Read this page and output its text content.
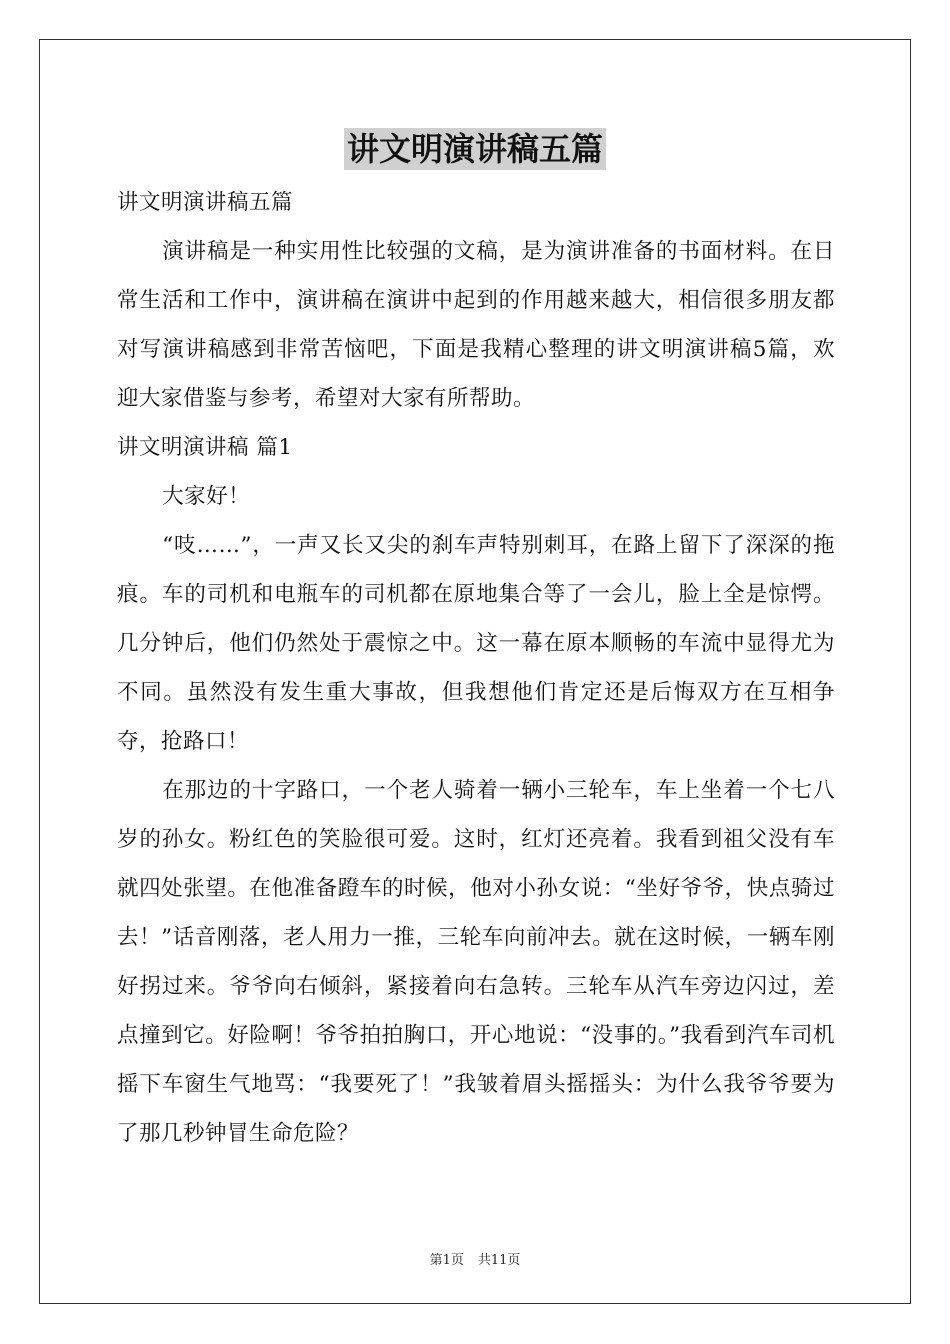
讲文明演讲稿五篇

讲文明演讲稿五篇

演讲稿是一种实用性比较强的文稿，是为演讲准备的书面材料。在日常生活和工作中，演讲稿在演讲中起到的作用越来越大，相信很多朋友都对写演讲稿感到非常苦恼吧，下面是我精心整理的讲文明演讲稿5篇，欢迎大家借鉴与参考，希望对大家有所帮助。

讲文明演讲稿 篇1

大家好！

“吱……”，一声又长又尖的刹车声特别刺耳，在路上留下了深深的拖痕。车的司机和电瓶车的司机都在原地集合等了一会儿，脸上全是惊愕。几分钟后，他们仍然处于震惊之中。这一幕在原本顺畅的车流中显得尤为不同。虽然没有发生重大事故，但我想他们肯定还是后悔双方在互相争夺，抢路口！

在那边的十字路口，一个老人骑着一辆小三轮车，车上坐着一个七八岁的孙女。粉红色的笑脸很可爱。这时，红灯还亮着。我看到祖父没有车就四处张望。在他准备蹬车的时候，他对小孙女说：“坐好爷爷，快点骑过去！”话音刚落，老人用力一推，三轮车向前冲去。就在这时候，一辆车刚好拐过来。爷爷向右倾斜，紧接着向右急转。三轮车从汽车旁边闪过，差点撞到它。好险啊！爷爷拍拍胸口，开心地说：“没事的。”我看到汽车司机摇下车窗生气地骂：“我要死了！”我皱着眉头摇摇头：为什么我爷爷要为了那几秒钟冒生命危险？

第1页 共11页
